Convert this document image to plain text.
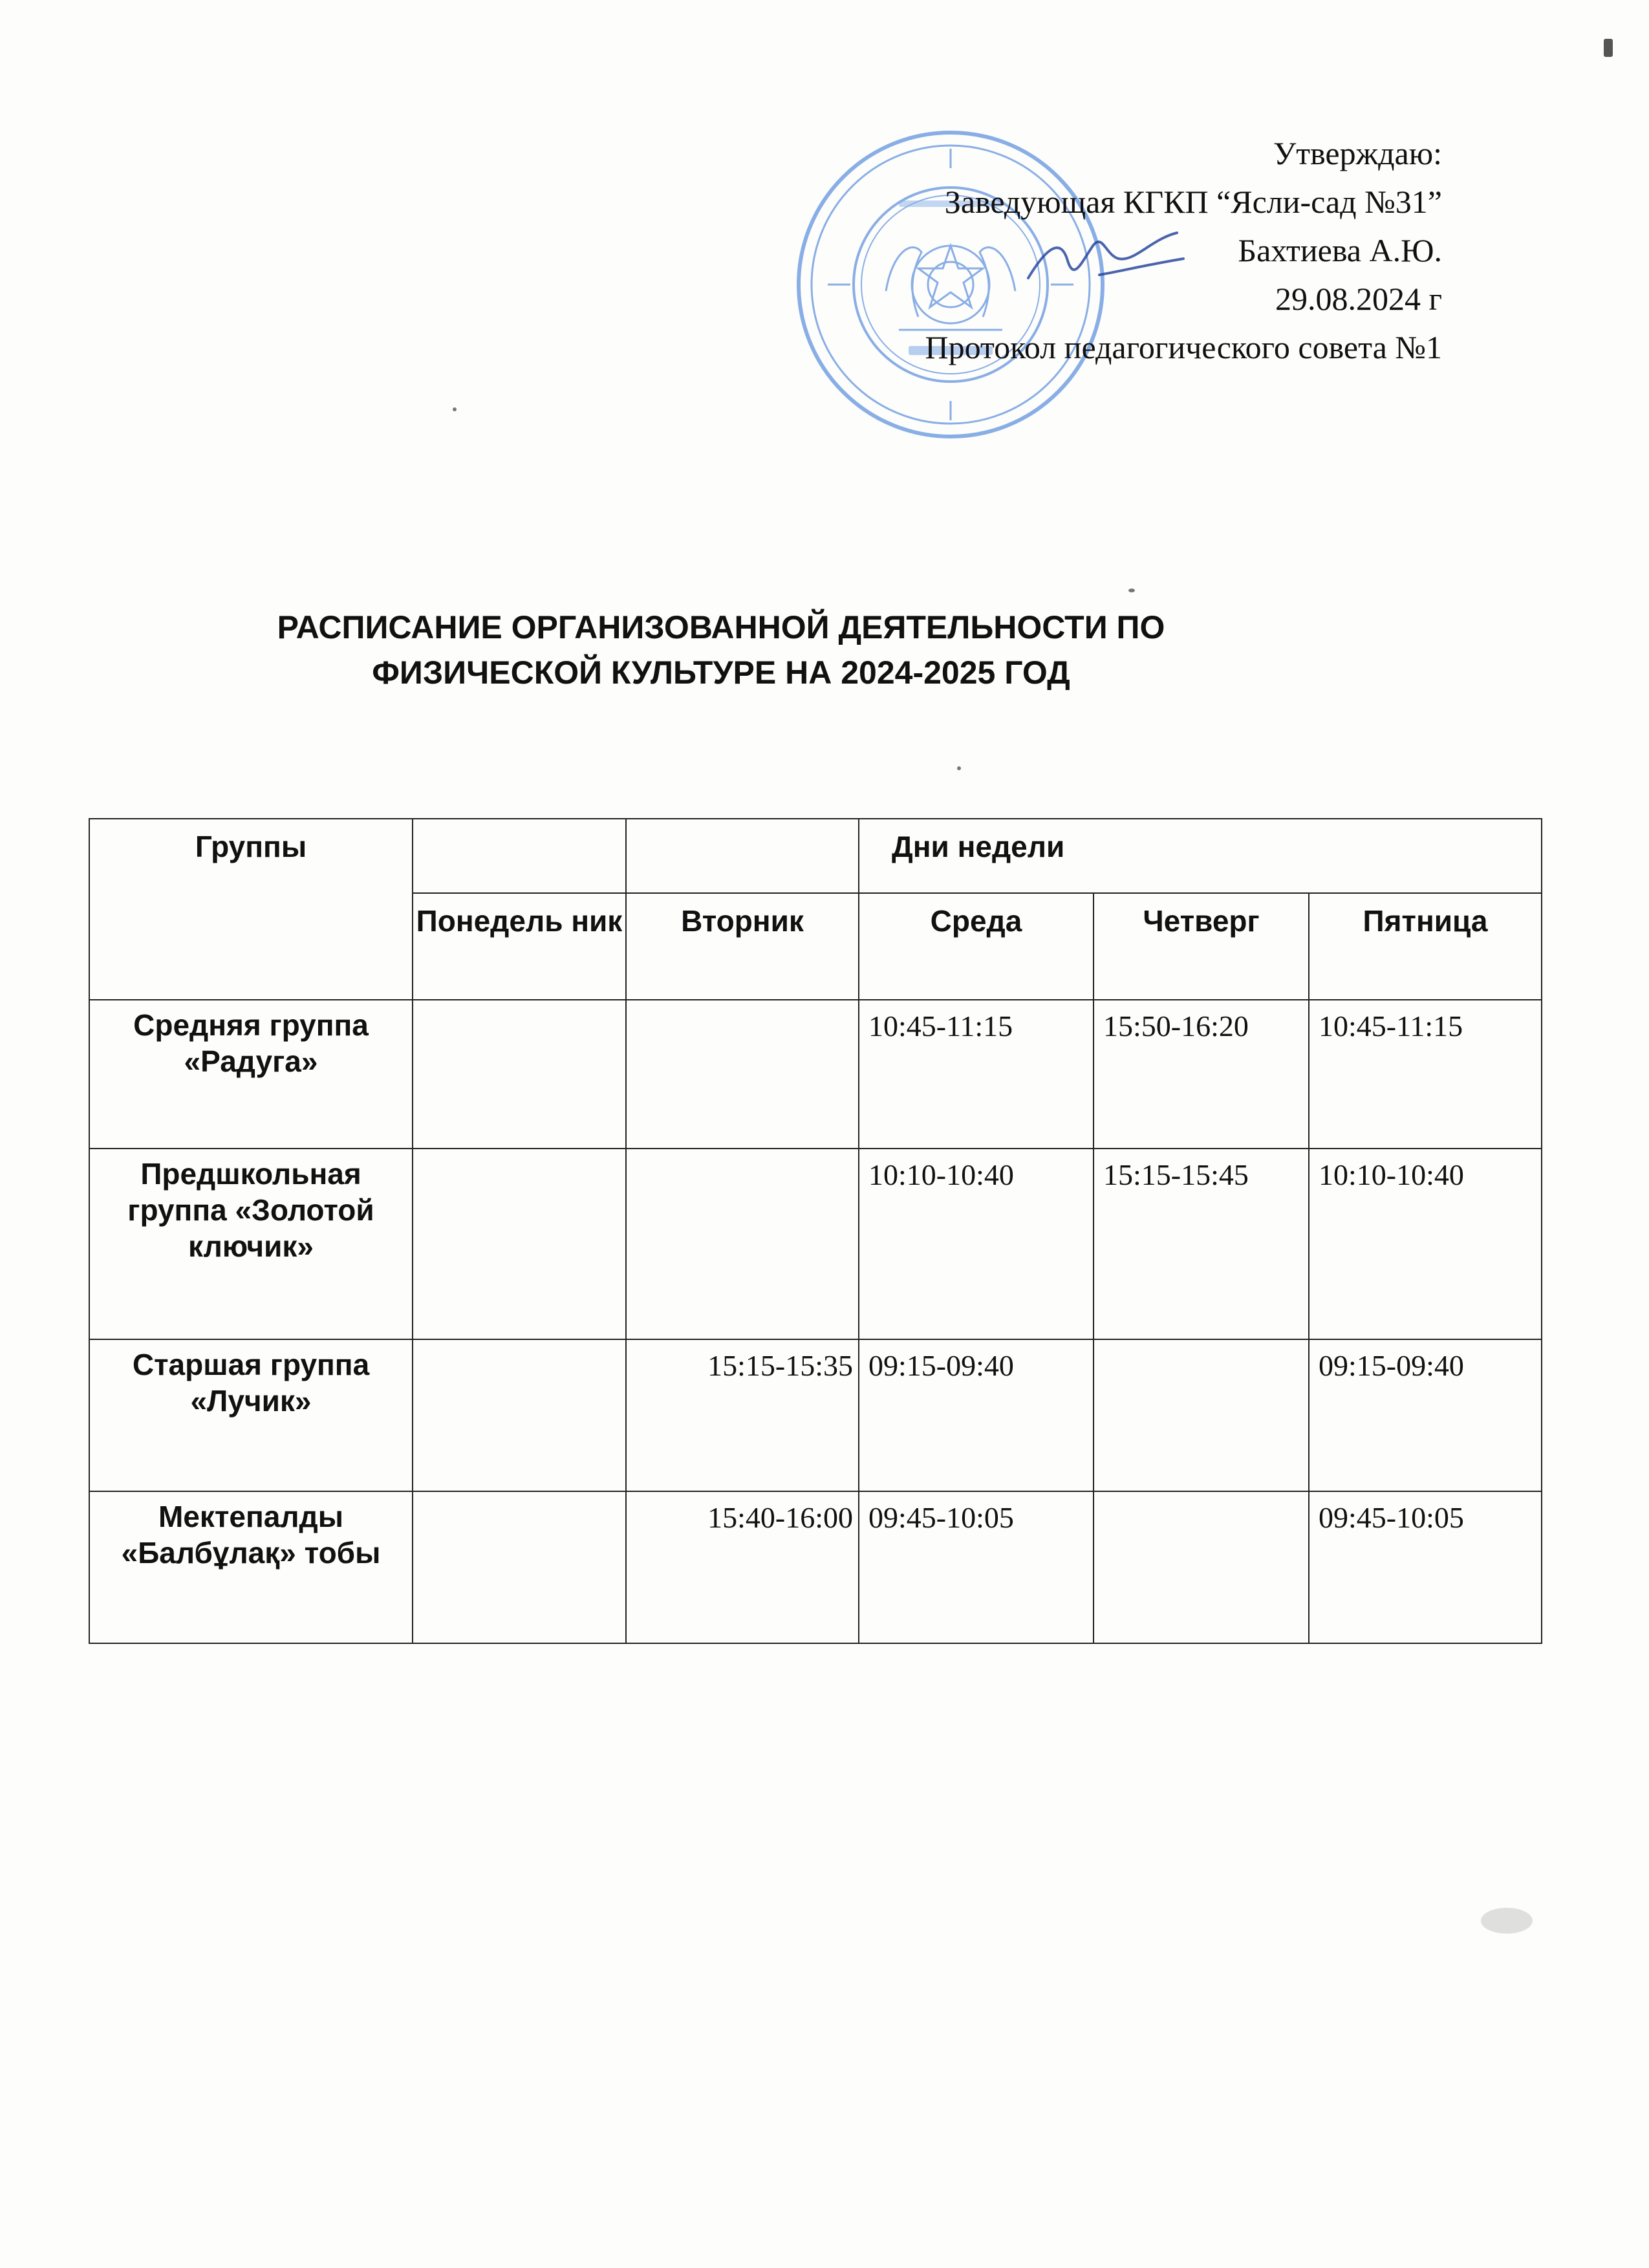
Утверждаю:
Заведующая КГКП “Ясли-сад №31”
Бахтиева А.Ю.
29.08.2024 г
Протокол педагогического совета №1
РАСПИСАНИЕ ОРГАНИЗОВАННОЙ ДЕЯТЕЛЬНОСТИ ПО
ФИЗИЧЕСКОЙ КУЛЬТУРЕ НА 2024-2025 ГОД
Группы			Дни недели		
	Понедель ник	Вторник	Среда	Четверг	Пятница
Средняя группа «Радуга»			10:45-11:15	15:50-16:20	10:45-11:15
Предшкольная группа «Золотой ключик»			10:10-10:40	15:15-15:45	10:10-10:40
Старшая группа «Лучик»		15:15-15:35	09:15-09:40		09:15-09:40
Мектепалды «Балбұлақ» тобы		15:40-16:00	09:45-10:05		09:45-10:05
